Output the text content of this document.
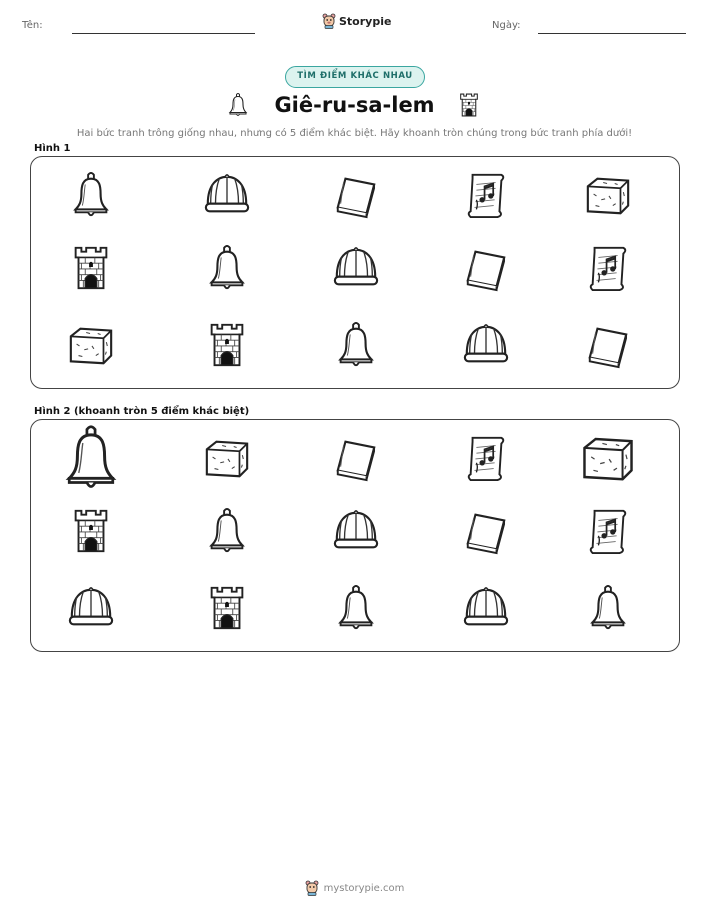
Tên:	Ngày:
Storypie
TÌM ĐIỂM KHÁC NHAU
Giê-ru-sa-lem
Hai bức tranh trông giống nhau, nhưng có 5 điểm khác biệt. Hãy khoanh tròn chúng trong bức tranh phía dưới!
Hình 1
Hình 2 (khoanh tròn 5 điểm khác biệt)
mystorypie.com
